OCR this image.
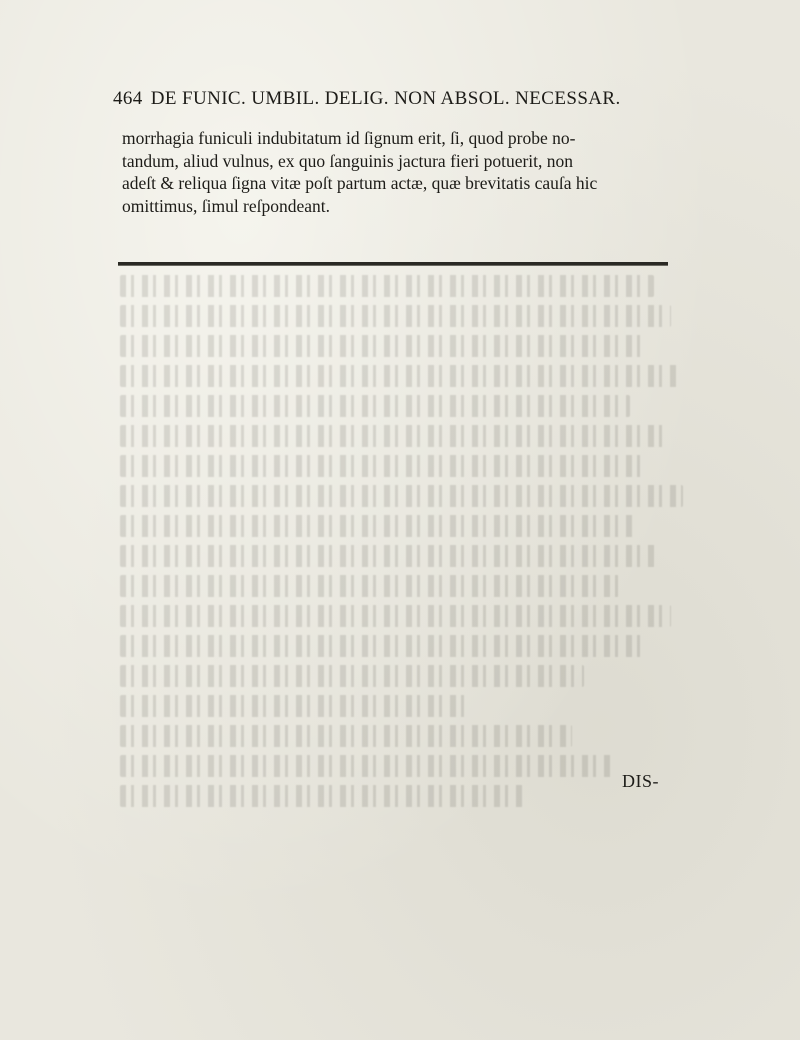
464 DE FUNIC. UMBIL. DELIG. NON ABSOL. NECESSAR.
morrhagia funiculi indubitatum id ſignum erit, ſi, quod probe no-
tandum, aliud vulnus, ex quo ſanguinis jactura fieri potuerit, non
adeſt & reliqua ſigna vitæ poſt partum actæ, quæ brevitatis cauſa hic
omittimus, ſimul reſpondeant.
DIS-
